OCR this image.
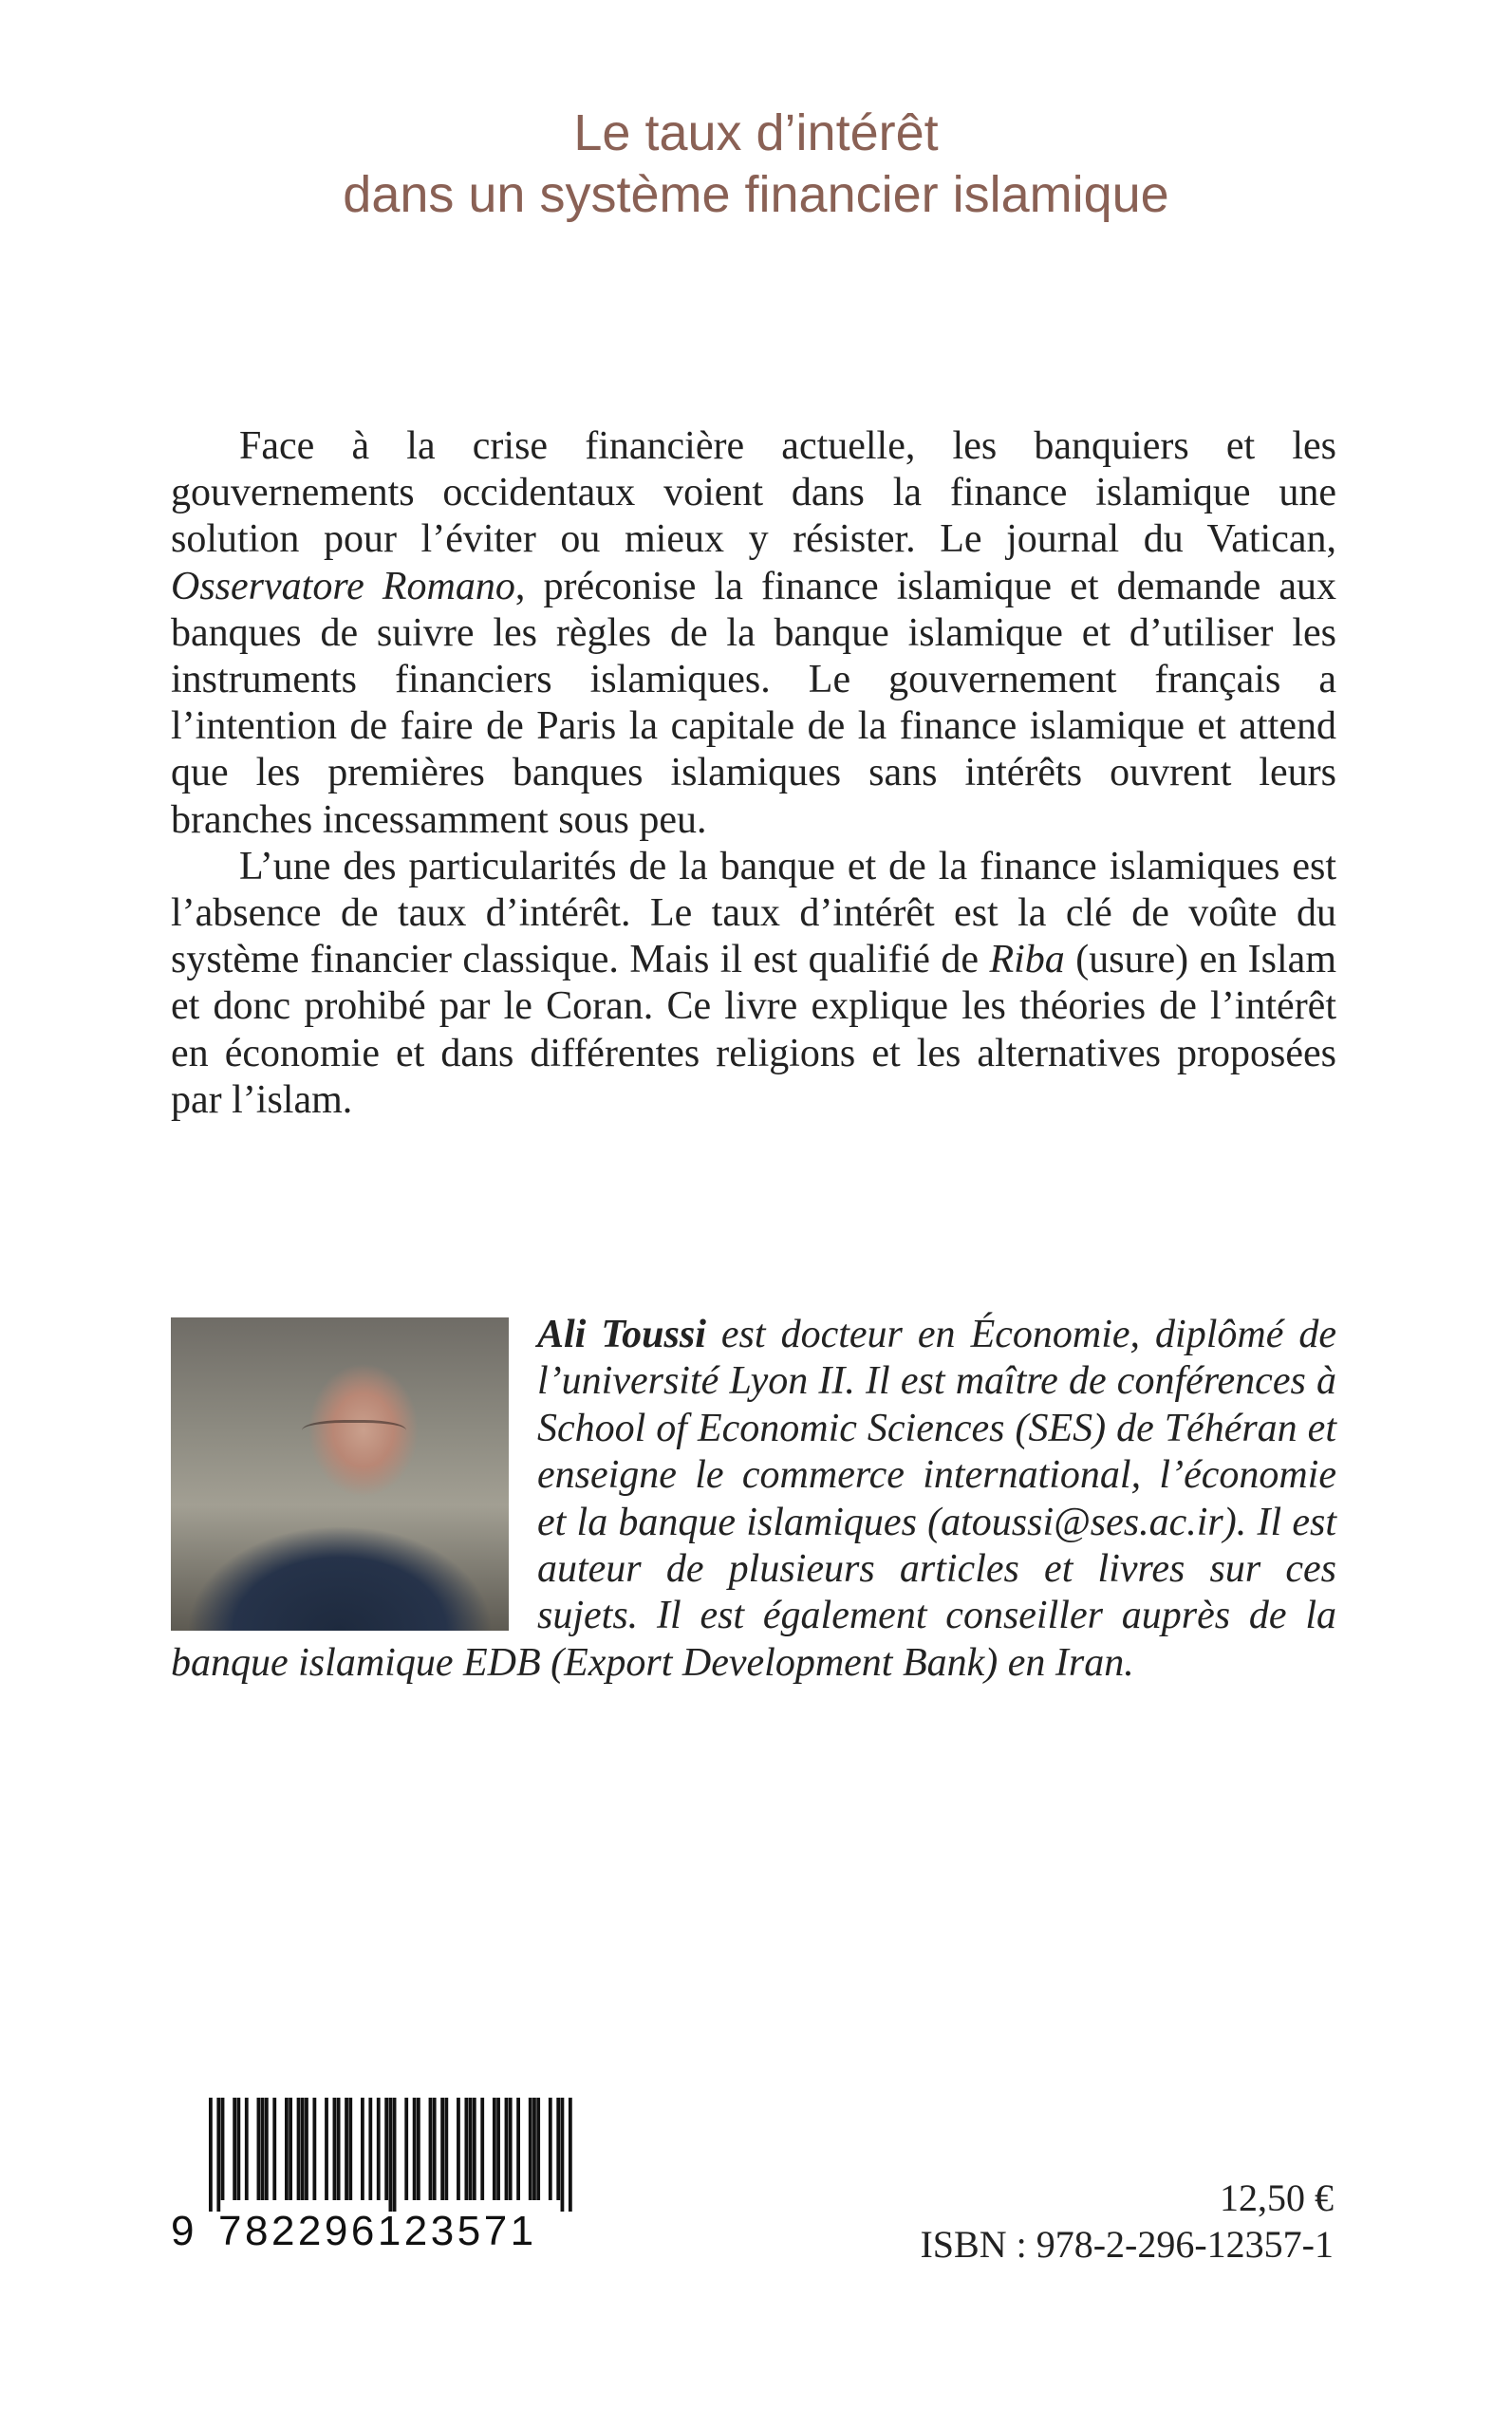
Le taux d’intérêt
dans un système financier islamique

Face à la crise financière actuelle, les banquiers et les gouvernements occidentaux voient dans la finance islamique une solution pour l’éviter ou mieux y résister. Le journal du Vatican, Osservatore Romano, préconise la finance islamique et demande aux banques de suivre les règles de la banque islamique et d’utiliser les instruments financiers islamiques. Le gouvernement français a l’intention de faire de Paris la capitale de la finance islamique et attend que les premières banques islamiques sans intérêts ouvrent leurs branches incessamment sous peu.

L’une des particularités de la banque et de la finance islamiques est l’absence de taux d’intérêt. Le taux d’intérêt est la clé de voûte du système financier classique. Mais il est qualifié de Riba (usure) en Islam et donc prohibé par le Coran. Ce livre explique les théories de l’intérêt en économie et dans différentes religions et les alternatives proposées par l’islam.

Ali Toussi est docteur en Économie, diplômé de l’université Lyon II. Il est maître de conférences à School of Economic Sciences (SES) de Téhéran et enseigne le commerce international, l’économie et la banque islamiques (atoussi@ses.ac.ir). Il est auteur de plusieurs articles et livres sur ces sujets. Il est également conseiller auprès de la banque islamique EDB (Export Development Bank) en Iran.

9 782296123571
12,50 €
ISBN : 978-2-296-12357-1
